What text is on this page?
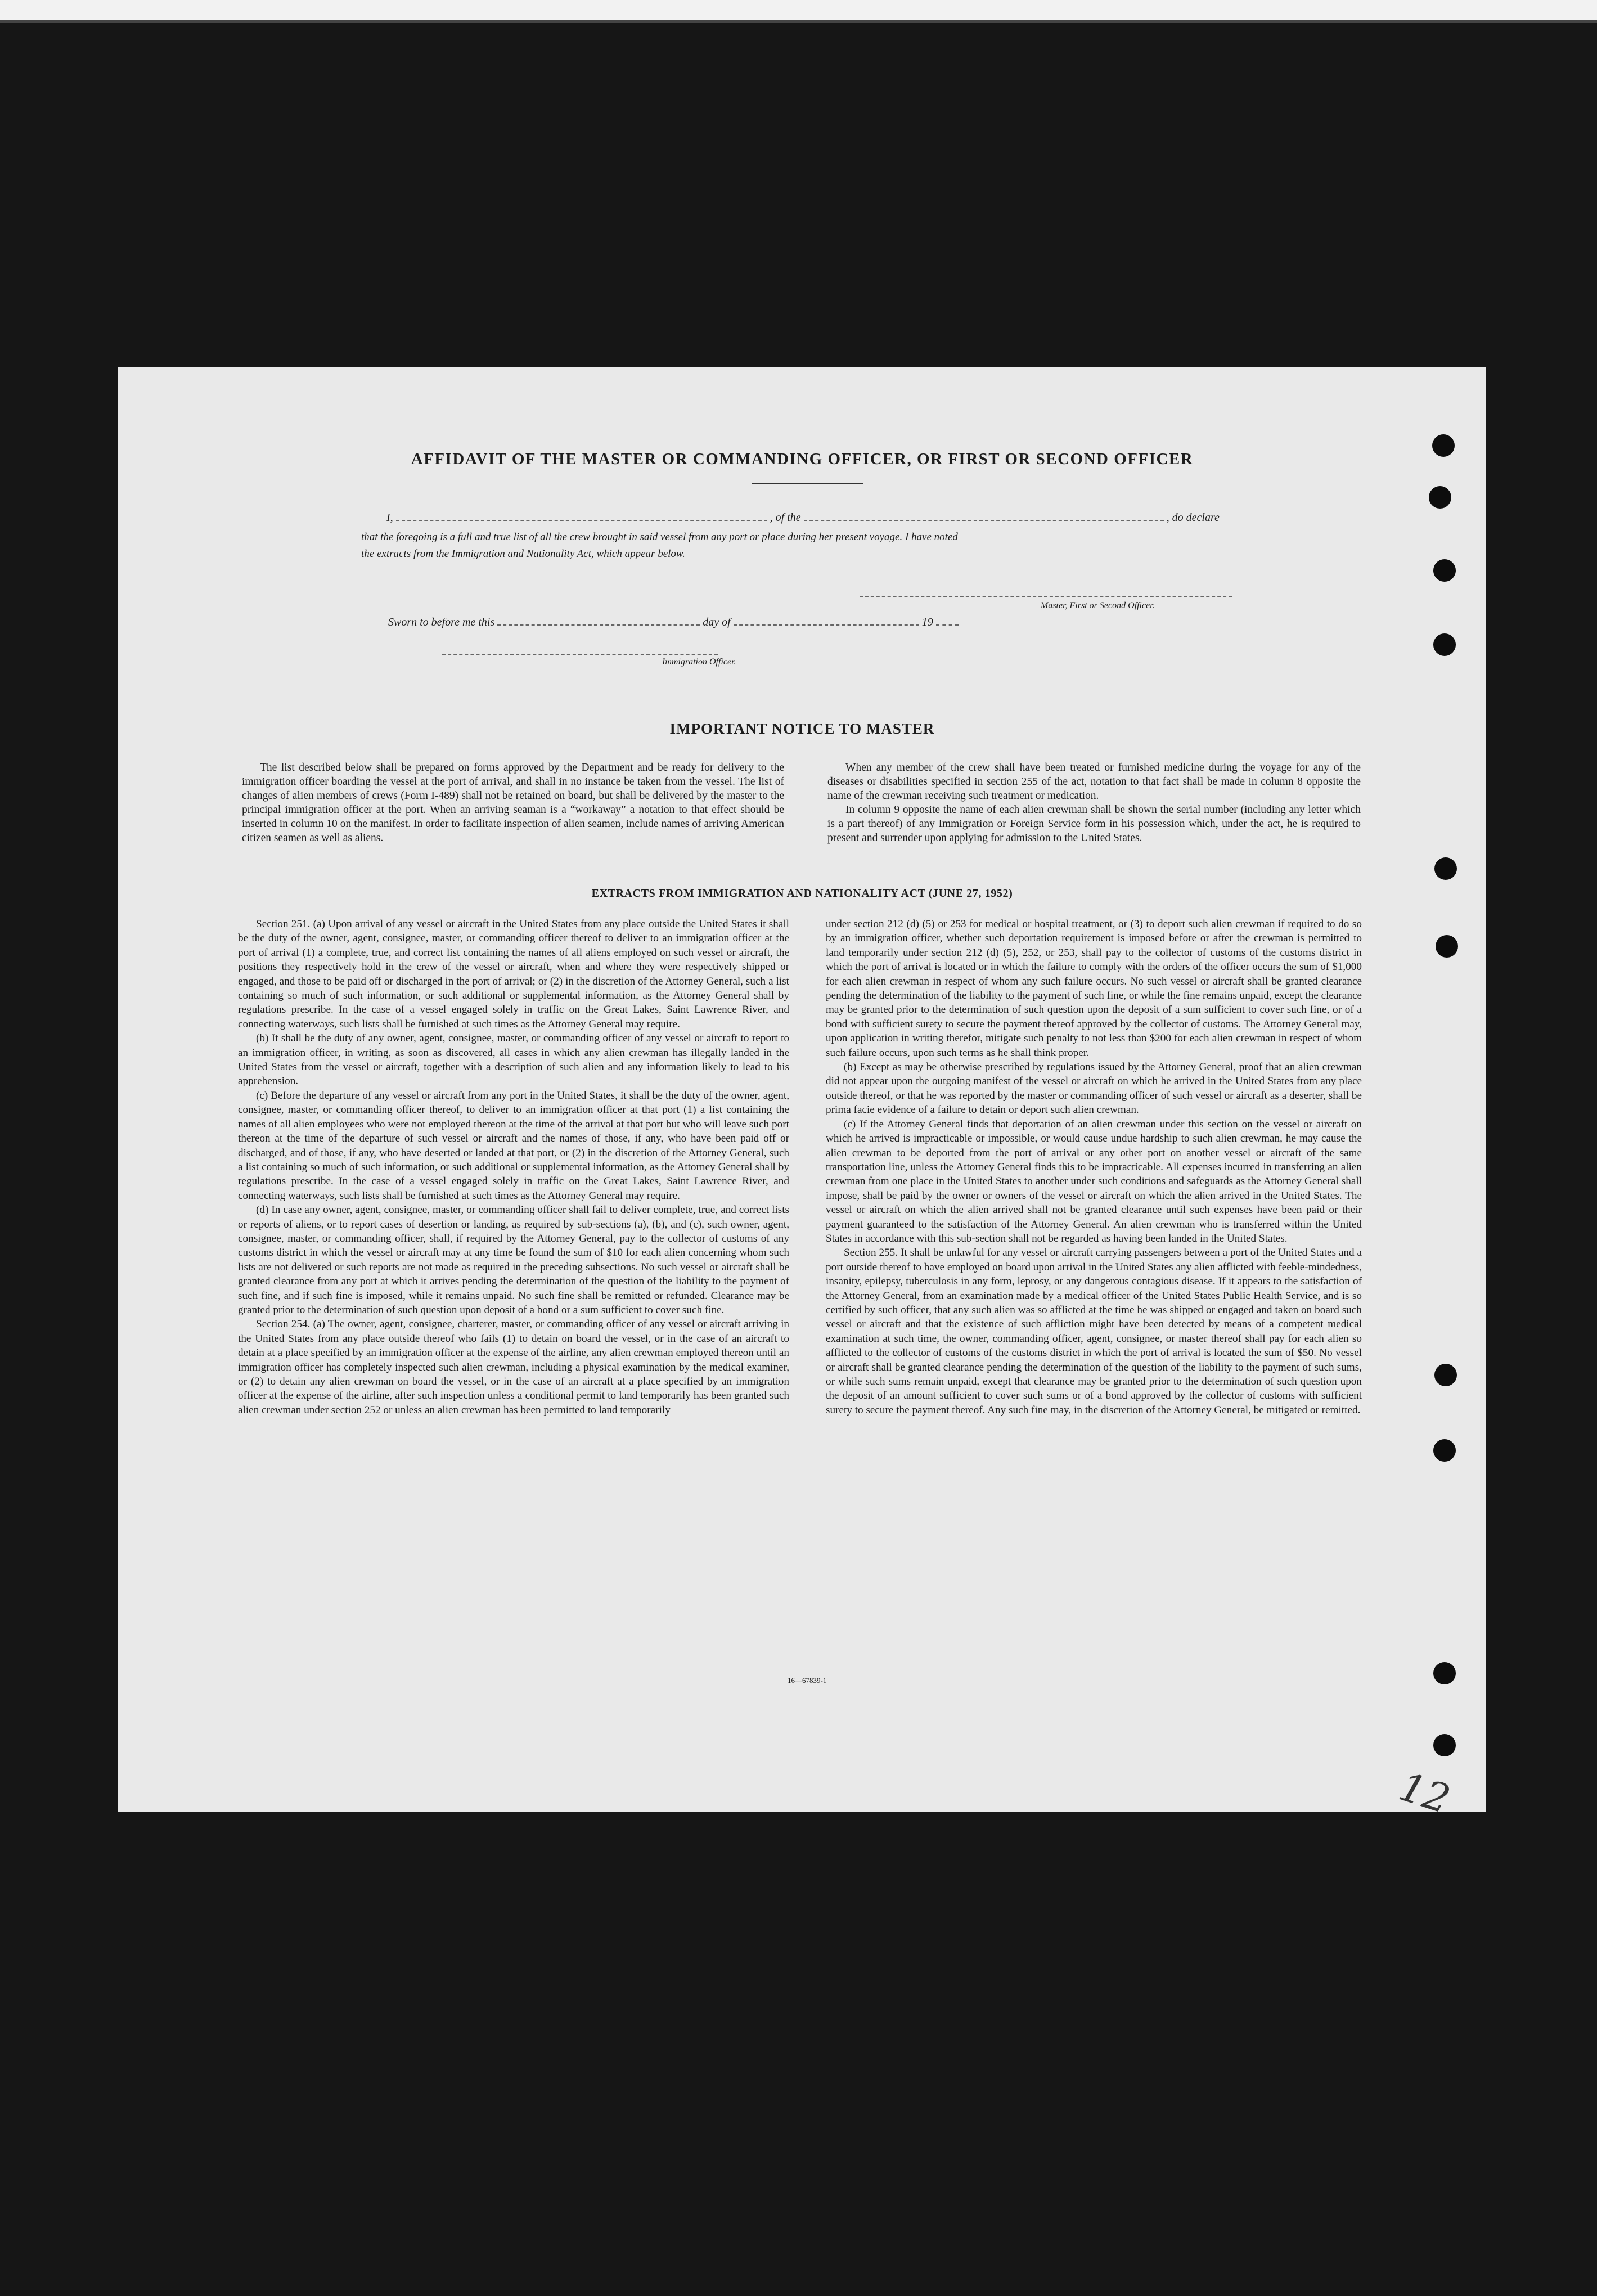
AFFIDAVIT OF THE MASTER OR COMMANDING OFFICER, OR FIRST OR SECOND OFFICER
I,	, of the	, do declare
that the foregoing is a full and true list of all the crew brought in said vessel from any port or place during her present voyage. I have noted
the extracts from the Immigration and Nationality Act, which appear below.
Master, First or Second Officer.
Sworn to before me this	day of	19
Immigration Officer.
IMPORTANT NOTICE TO MASTER

The list described below shall be prepared on forms approved by the Department and be ready for delivery to the immigration officer boarding the vessel at the port of arrival, and shall in no instance be taken from the vessel. The list of changes of alien members of crews (Form I-489) shall not be retained on board, but shall be delivered by the master to the principal immigration officer at the port. When an arriving seaman is a “workaway” a notation to that effect should be inserted in column 10 on the manifest. In order to facilitate inspection of alien seamen, include names of arriving American citizen seamen as well as aliens.

When any member of the crew shall have been treated or furnished medicine during the voyage for any of the diseases or disabilities specified in section 255 of the act, notation to that fact shall be made in column 8 opposite the name of the crewman receiving such treatment or medication.

In column 9 opposite the name of each alien crewman shall be shown the serial number (including any letter which is a part thereof) of any Immigration or Foreign Service form in his possession which, under the act, he is required to present and surrender upon applying for admission to the United States.

EXTRACTS FROM IMMIGRATION AND NATIONALITY ACT (JUNE 27, 1952)

Section 251. (a) Upon arrival of any vessel or aircraft in the United States from any place outside the United States it shall be the duty of the owner, agent, consignee, master, or commanding officer thereof to deliver to an immigration officer at the port of arrival (1) a complete, true, and correct list containing the names of all aliens employed on such vessel or aircraft, the positions they respectively hold in the crew of the vessel or aircraft, when and where they were respectively shipped or engaged, and those to be paid off or discharged in the port of arrival; or (2) in the discretion of the Attorney General, such a list containing so much of such information, or such additional or supplemental information, as the Attorney General shall by regulations prescribe. In the case of a vessel engaged solely in traffic on the Great Lakes, Saint Lawrence River, and connecting waterways, such lists shall be furnished at such times as the Attorney General may require.

(b) It shall be the duty of any owner, agent, consignee, master, or commanding officer of any vessel or aircraft to report to an immigration officer, in writing, as soon as discovered, all cases in which any alien crewman has illegally landed in the United States from the vessel or aircraft, together with a description of such alien and any information likely to lead to his apprehension.

(c) Before the departure of any vessel or aircraft from any port in the United States, it shall be the duty of the owner, agent, consignee, master, or commanding officer thereof, to deliver to an immigration officer at that port (1) a list containing the names of all alien employees who were not employed thereon at the time of the arrival at that port but who will leave such port thereon at the time of the departure of such vessel or aircraft and the names of those, if any, who have been paid off or discharged, and of those, if any, who have deserted or landed at that port, or (2) in the discretion of the Attorney General, such a list containing so much of such information, or such additional or supplemental information, as the Attorney General shall by regulations prescribe. In the case of a vessel engaged solely in traffic on the Great Lakes, Saint Lawrence River, and connecting waterways, such lists shall be furnished at such times as the Attorney General may require.

(d) In case any owner, agent, consignee, master, or commanding officer shall fail to deliver complete, true, and correct lists or reports of aliens, or to report cases of desertion or landing, as required by sub-sections (a), (b), and (c), such owner, agent, consignee, master, or commanding officer, shall, if required by the Attorney General, pay to the collector of customs of any customs district in which the vessel or aircraft may at any time be found the sum of $10 for each alien concerning whom such lists are not delivered or such reports are not made as required in the preceding subsections. No such vessel or aircraft shall be granted clearance from any port at which it arrives pending the determination of the question of the liability to the payment of such fine, and if such fine is imposed, while it remains unpaid. No such fine shall be remitted or refunded. Clearance may be granted prior to the determination of such question upon deposit of a bond or a sum sufficient to cover such fine.

Section 254. (a) The owner, agent, consignee, charterer, master, or commanding officer of any vessel or aircraft arriving in the United States from any place outside thereof who fails (1) to detain on board the vessel, or in the case of an aircraft to detain at a place specified by an immigration officer at the expense of the airline, any alien crewman employed thereon until an immigration officer has completely inspected such alien crewman, including a physical examination by the medical examiner, or (2) to detain any alien crewman on board the vessel, or in the case of an aircraft at a place specified by an immigration officer at the expense of the airline, after such inspection unless a conditional permit to land temporarily has been granted such alien crewman under section 252 or unless an alien crewman has been permitted to land temporarily

under section 212 (d) (5) or 253 for medical or hospital treatment, or (3) to deport such alien crewman if required to do so by an immigration officer, whether such deportation requirement is imposed before or after the crewman is permitted to land temporarily under section 212 (d) (5), 252, or 253, shall pay to the collector of customs of the customs district in which the port of arrival is located or in which the failure to comply with the orders of the officer occurs the sum of $1,000 for each alien crewman in respect of whom any such failure occurs. No such vessel or aircraft shall be granted clearance pending the determination of the liability to the payment of such fine, or while the fine remains unpaid, except the clearance may be granted prior to the determination of such question upon the deposit of a sum sufficient to cover such fine, or of a bond with sufficient surety to secure the payment thereof approved by the collector of customs. The Attorney General may, upon application in writing therefor, mitigate such penalty to not less than $200 for each alien crewman in respect of whom such failure occurs, upon such terms as he shall think proper.

(b) Except as may be otherwise prescribed by regulations issued by the Attorney General, proof that an alien crewman did not appear upon the outgoing manifest of the vessel or aircraft on which he arrived in the United States from any place outside thereof, or that he was reported by the master or commanding officer of such vessel or aircraft as a deserter, shall be prima facie evidence of a failure to detain or deport such alien crewman.

(c) If the Attorney General finds that deportation of an alien crewman under this section on the vessel or aircraft on which he arrived is impracticable or impossible, or would cause undue hardship to such alien crewman, he may cause the alien crewman to be deported from the port of arrival or any other port on another vessel or aircraft of the same transportation line, unless the Attorney General finds this to be impracticable. All expenses incurred in transferring an alien crewman from one place in the United States to another under such conditions and safeguards as the Attorney General shall impose, shall be paid by the owner or owners of the vessel or aircraft on which the alien arrived in the United States. The vessel or aircraft on which the alien arrived shall not be granted clearance until such expenses have been paid or their payment guaranteed to the satisfaction of the Attorney General. An alien crewman who is transferred within the United States in accordance with this sub-section shall not be regarded as having been landed in the United States.

Section 255. It shall be unlawful for any vessel or aircraft carrying passengers between a port of the United States and a port outside thereof to have employed on board upon arrival in the United States any alien afflicted with feeble-mindedness, insanity, epilepsy, tuberculosis in any form, leprosy, or any dangerous contagious disease. If it appears to the satisfaction of the Attorney General, from an examination made by a medical officer of the United States Public Health Service, and is so certified by such officer, that any such alien was so afflicted at the time he was shipped or engaged and taken on board such vessel or aircraft and that the existence of such affliction might have been detected by means of a competent medical examination at such time, the owner, commanding officer, agent, consignee, or master thereof shall pay for each alien so afflicted to the collector of customs of the customs district in which the port of arrival is located the sum of $50. No vessel or aircraft shall be granted clearance pending the determination of the question of the liability to the payment of such sums, or while such sums remain unpaid, except that clearance may be granted prior to the determination of such question upon the deposit of an amount sufficient to cover such sums or of a bond approved by the collector of customs with sufficient surety to secure the payment thereof. Any such fine may, in the discretion of the Attorney General, be mitigated or remitted.

16—67839-1
12
